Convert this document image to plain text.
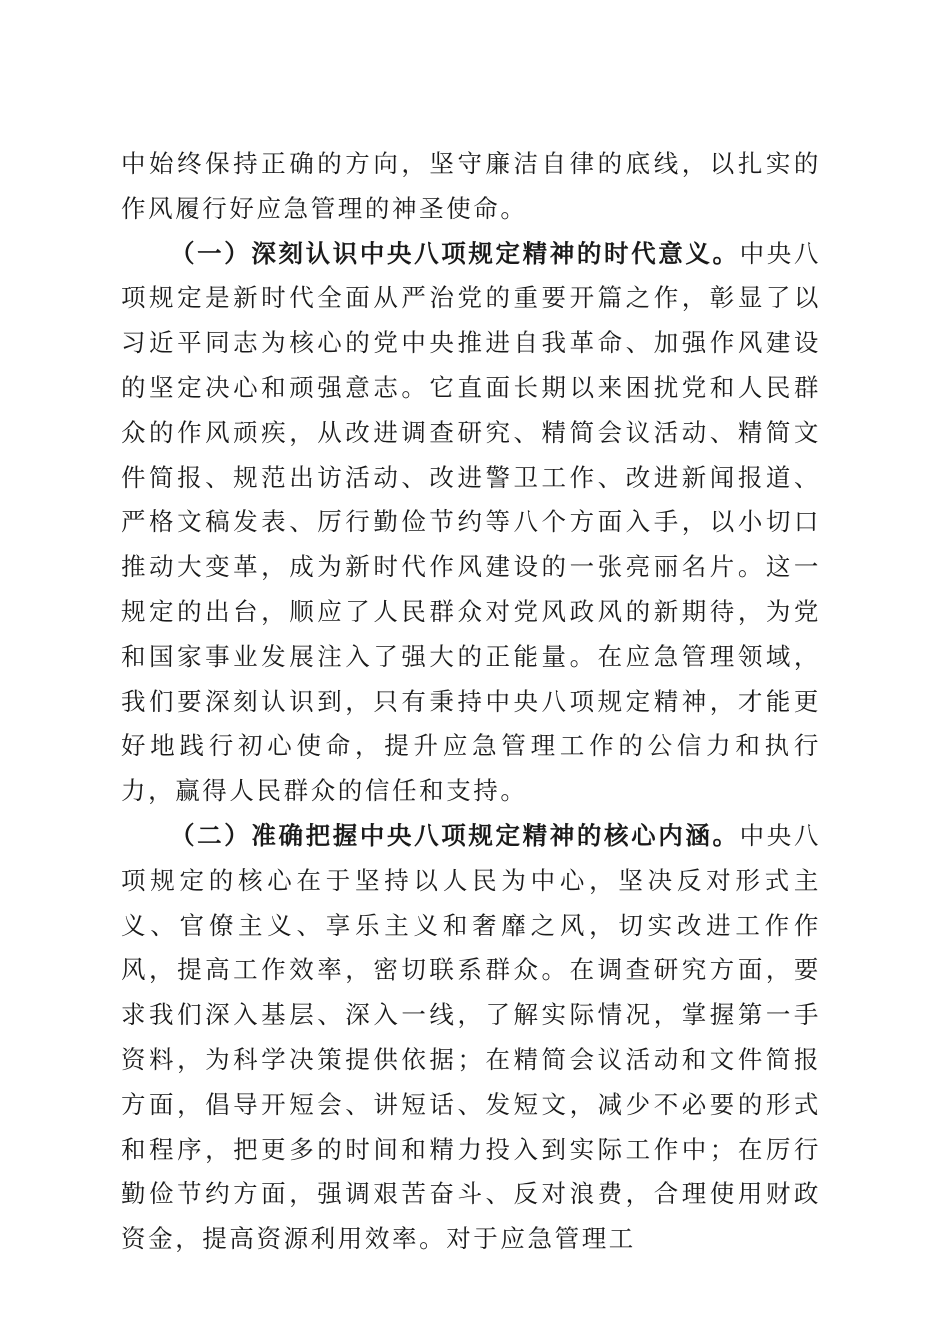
中始终保持正确的方向，坚守廉洁自律的底线，以扎实的作风履行好应急管理的神圣使命。

（一）深刻认识中央八项规定精神的时代意义。中央八项规定是新时代全面从严治党的重要开篇之作，彰显了以习近平同志为核心的党中央推进自我革命、加强作风建设的坚定决心和顽强意志。它直面长期以来困扰党和人民群众的作风顽疾，从改进调查研究、精简会议活动、精简文件简报、规范出访活动、改进警卫工作、改进新闻报道、严格文稿发表、厉行勤俭节约等八个方面入手，以小切口推动大变革，成为新时代作风建设的一张亮丽名片。这一规定的出台，顺应了人民群众对党风政风的新期待，为党和国家事业发展注入了强大的正能量。在应急管理领域，我们要深刻认识到，只有秉持中央八项规定精神，才能更好地践行初心使命，提升应急管理工作的公信力和执行力，赢得人民群众的信任和支持。

（二）准确把握中央八项规定精神的核心内涵。中央八项规定的核心在于坚持以人民为中心，坚决反对形式主义、官僚主义、享乐主义和奢靡之风，切实改进工作作风，提高工作效率，密切联系群众。在调查研究方面，要求我们深入基层、深入一线，了解实际情况，掌握第一手资料，为科学决策提供依据；在精简会议活动和文件简报方面，倡导开短会、讲短话、发短文，减少不必要的形式和程序，把更多的时间和精力投入到实际工作中；在厉行勤俭节约方面，强调艰苦奋斗、反对浪费，合理使用财政资金，提高资源利用效率。对于应急管理工
